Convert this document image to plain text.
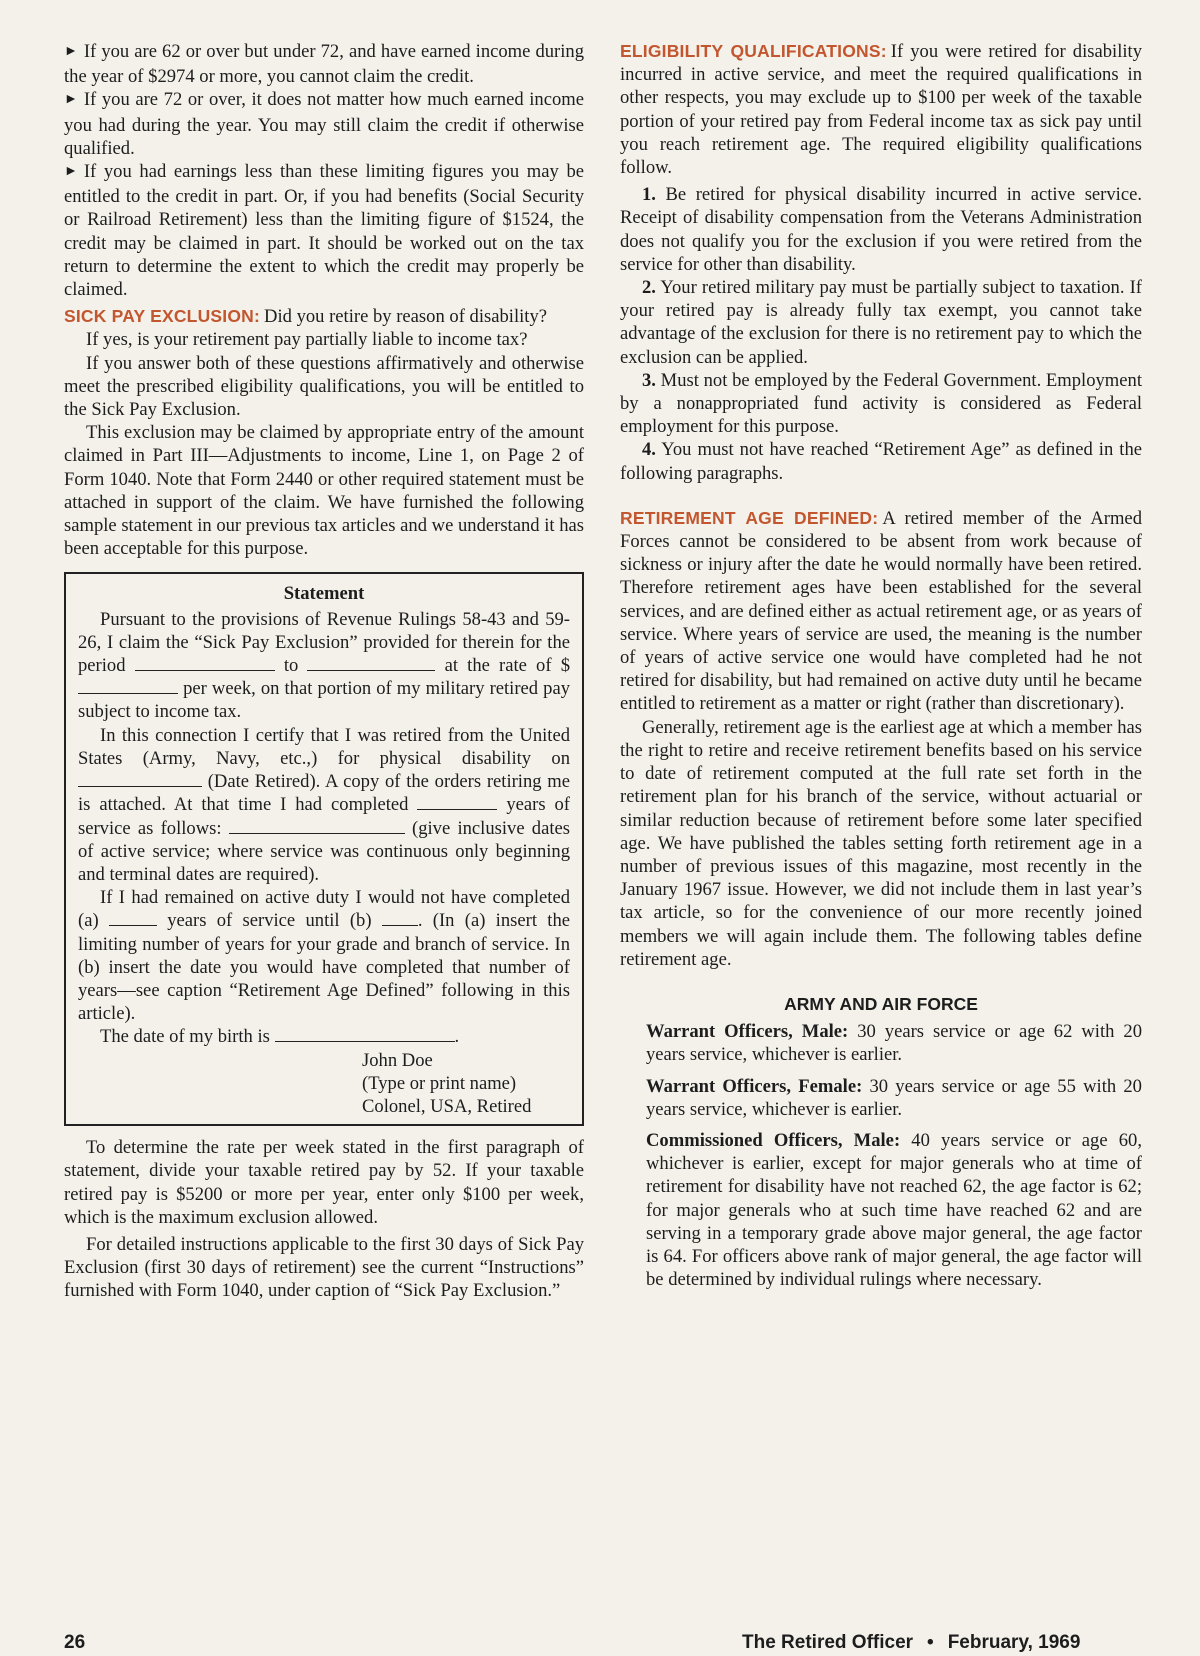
► If you are 62 or over but under 72, and have earned income during the year of $2974 or more, you cannot claim the credit.

► If you are 72 or over, it does not matter how much earned income you had during the year. You may still claim the credit if otherwise qualified.

► If you had earnings less than these limiting figures you may be entitled to the credit in part. Or, if you had benefits (Social Security or Railroad Retirement) less than the limiting figure of $1524, the credit may be claimed in part. It should be worked out on the tax return to determine the extent to which the credit may properly be claimed.

SICK PAY EXCLUSION: Did you retire by reason of disability?

If yes, is your retirement pay partially liable to income tax?

If you answer both of these questions affirmatively and otherwise meet the prescribed eligibility qualifications, you will be entitled to the Sick Pay Exclusion.

This exclusion may be claimed by appropriate entry of the amount claimed in Part III—Adjustments to income, Line 1, on Page 2 of Form 1040. Note that Form 2440 or other required statement must be attached in support of the claim. We have furnished the following sample statement in our previous tax articles and we understand it has been acceptable for this purpose.

Statement

Pursuant to the provisions of Revenue Rulings 58-43 and 59-26, I claim the “Sick Pay Exclusion” provided for therein for the period	to	at the rate of $ per week, on that portion of my military retired pay subject to income tax.

In this connection I certify that I was retired from the United States (Army, Navy, etc.,) for physical disability on  (Date Retired). A copy of the orders retiring me is attached. At that time I had completed	years of service as follows:	(give inclusive dates of active service; where service was continuous only beginning and terminal dates are required).

If I had remained on active duty I would not have completed (a)	years of service until (b) . (In (a) insert the limiting number of years for your grade and branch of service. In (b) insert the date you would have completed that number of years—see caption “Retirement Age Defined” following in this article).

The date of my birth is	.

John Doe
(Type or print name)
Colonel, USA, Retired

To determine the rate per week stated in the first paragraph of statement, divide your taxable retired pay by 52. If your taxable retired pay is $5200 or more per year, enter only $100 per week, which is the maximum exclusion allowed.

For detailed instructions applicable to the first 30 days of Sick Pay Exclusion (first 30 days of retirement) see the current “Instructions” furnished with Form 1040, under caption of “Sick Pay Exclusion.”

ELIGIBILITY QUALIFICATIONS: If you were retired for disability incurred in active service, and meet the required qualifications in other respects, you may exclude up to $100 per week of the taxable portion of your retired pay from Federal income tax as sick pay until you reach retirement age. The required eligibility qualifications follow.

1. Be retired for physical disability incurred in active service. Receipt of disability compensation from the Veterans Administration does not qualify you for the exclusion if you were retired from the service for other than disability.

2. Your retired military pay must be partially subject to taxation. If your retired pay is already fully tax exempt, you cannot take advantage of the exclusion for there is no retirement pay to which the exclusion can be applied.

3. Must not be employed by the Federal Government. Employment by a nonappropriated fund activity is considered as Federal employment for this purpose.

4. You must not have reached “Retirement Age” as defined in the following paragraphs.

RETIREMENT AGE DEFINED: A retired member of the Armed Forces cannot be considered to be absent from work because of sickness or injury after the date he would normally have been retired. Therefore retirement ages have been established for the several services, and are defined either as actual retirement age, or as years of service. Where years of service are used, the meaning is the number of years of active service one would have completed had he not retired for disability, but had remained on active duty until he became entitled to retirement as a matter or right (rather than discretionary).

Generally, retirement age is the earliest age at which a member has the right to retire and receive retirement benefits based on his service to date of retirement computed at the full rate set forth in the retirement plan for his branch of the service, without actuarial or similar reduction because of retirement before some later specified age. We have published the tables setting forth retirement age in a number of previous issues of this magazine, most recently in the January 1967 issue. However, we did not include them in last year’s tax article, so for the convenience of our more recently joined members we will again include them. The following tables define retirement age.

ARMY AND AIR FORCE

Warrant Officers, Male: 30 years service or age 62 with 20 years service, whichever is earlier.

Warrant Officers, Female: 30 years service or age 55 with 20 years service, whichever is earlier.

Commissioned Officers, Male: 40 years service or age 60, whichever is earlier, except for major generals who at time of retirement for disability have not reached 62, the age factor is 62; for major generals who at such time have reached 62 and are serving in a temporary grade above major general, the age factor is 64. For officers above rank of major general, the age factor will be determined by individual rulings where necessary.

26	The Retired Officer • February, 1969
